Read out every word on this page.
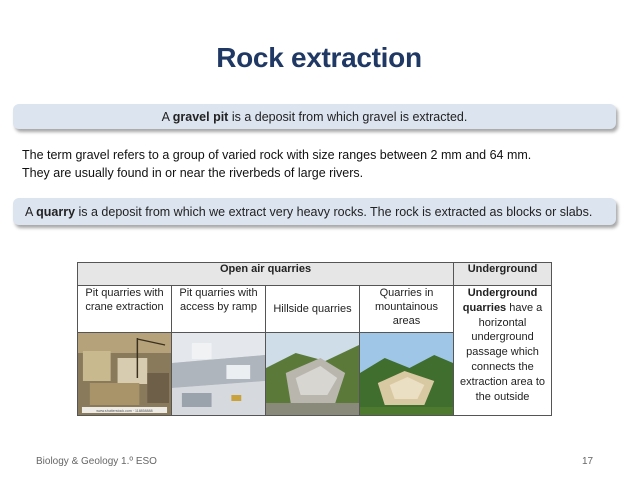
Rock extraction
A gravel pit is a deposit from which gravel is extracted.
The term gravel refers to a group of varied rock with size ranges between 2 mm and 64 mm. They are usually found in or near the riverbeds of large rivers.
A quarry is a deposit from which we extract very heavy rocks. The rock is extracted as blocks or slabs.
Open air quarries				Underground
Pit quarries with crane extraction	Pit quarries with access by ramp	Hillside quarries	Quarries in mountainous areas	Underground quarries have a horizontal underground passage which connects the extraction area to the outside

www.shutterstock.com · 118858888

Biology & Geology 1.º ESO	17
